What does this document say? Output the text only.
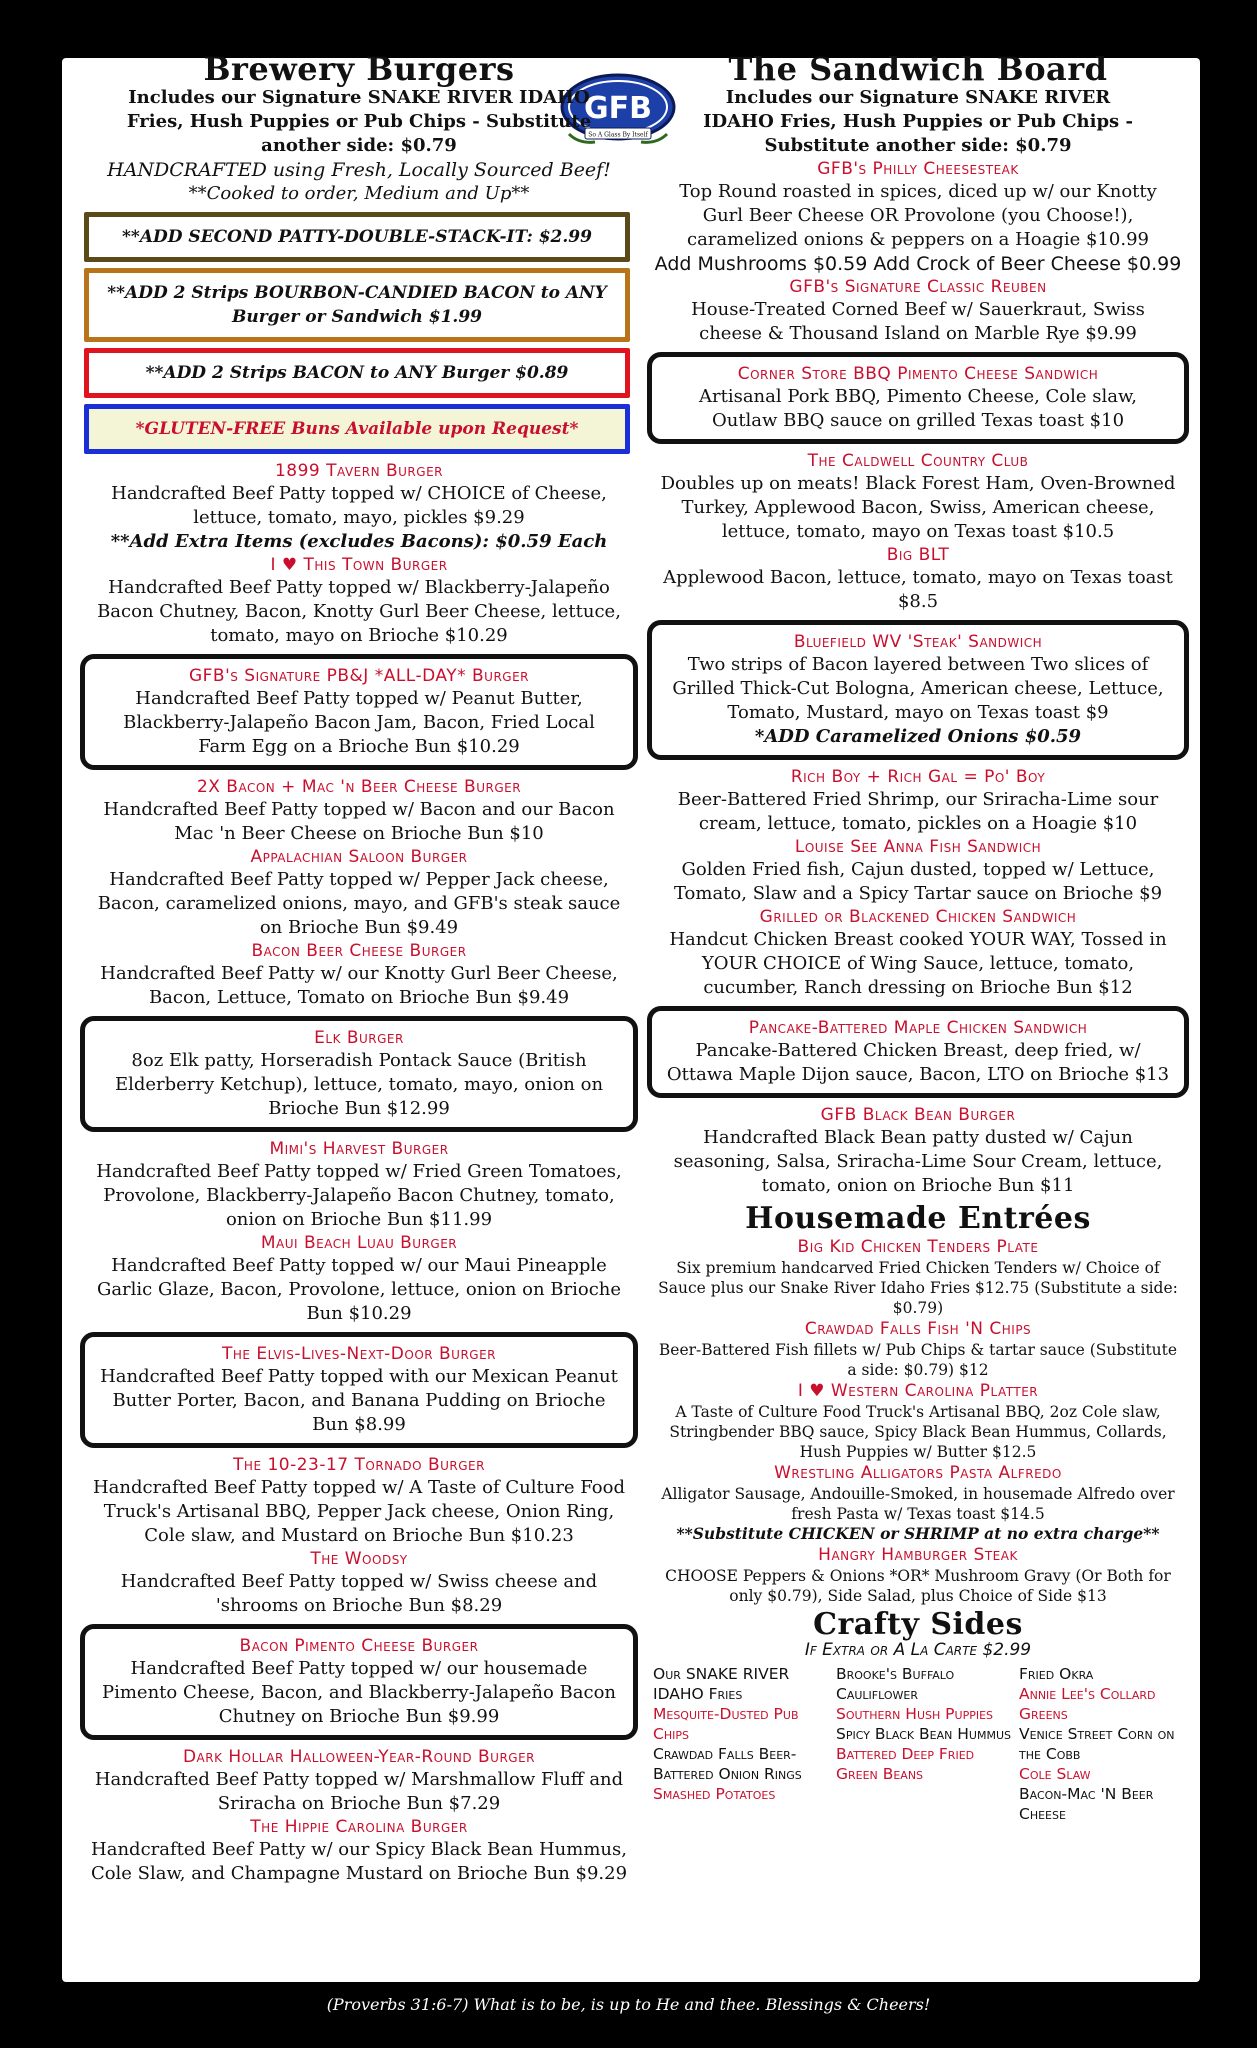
GFB
So A Glass By Itself
Brewery Burgers
Includes our Signature SNAKE RIVER IDAHO Fries, Hush Puppies or Pub Chips - Substitute another side: $0.79
HANDCRAFTED using Fresh, Locally Sourced Beef!
**Cooked to order, Medium and Up**
**ADD SECOND PATTY-DOUBLE-STACK-IT: $2.99
**ADD 2 Strips BOURBON-CANDIED BACON to ANY Burger or Sandwich $1.99
**ADD 2 Strips BACON to ANY Burger $0.89
*GLUTEN-FREE Buns Available upon Request*
1899 Tavern Burger
Handcrafted Beef Patty topped w/ CHOICE of Cheese, lettuce, tomato, mayo, pickles $9.29
**Add Extra Items (excludes Bacons): $0.59 Each
I ♥ This Town Burger
Handcrafted Beef Patty topped w/ Blackberry-Jalapeño Bacon Chutney, Bacon, Knotty Gurl Beer Cheese, lettuce, tomato, mayo on Brioche $10.29
GFB's Signature PB&J *ALL-DAY* Burger
Handcrafted Beef Patty topped w/ Peanut Butter, Blackberry-Jalapeño Bacon Jam, Bacon, Fried Local Farm Egg on a Brioche Bun $10.29
2X Bacon + Mac 'n Beer Cheese Burger
Handcrafted Beef Patty topped w/ Bacon and our Bacon Mac 'n Beer Cheese on Brioche Bun $10
Appalachian Saloon Burger
Handcrafted Beef Patty topped w/ Pepper Jack cheese, Bacon, caramelized onions, mayo, and GFB's steak sauce on Brioche Bun $9.49
Bacon Beer Cheese Burger
Handcrafted Beef Patty w/ our Knotty Gurl Beer Cheese, Bacon, Lettuce, Tomato on Brioche Bun $9.49
Elk Burger
8oz Elk patty, Horseradish Pontack Sauce (British Elderberry Ketchup), lettuce, tomato, mayo, onion on Brioche Bun $12.99
Mimi's Harvest Burger
Handcrafted Beef Patty topped w/ Fried Green Tomatoes, Provolone, Blackberry-Jalapeño Bacon Chutney, tomato, onion on Brioche Bun $11.99
Maui Beach Luau Burger
Handcrafted Beef Patty topped w/ our Maui Pineapple Garlic Glaze, Bacon, Provolone, lettuce, onion on Brioche Bun $10.29
The Elvis-Lives-Next-Door Burger
Handcrafted Beef Patty topped with our Mexican Peanut Butter Porter, Bacon, and Banana Pudding on Brioche Bun $8.99
The 10-23-17 Tornado Burger
Handcrafted Beef Patty topped w/ A Taste of Culture Food Truck's Artisanal BBQ, Pepper Jack cheese, Onion Ring, Cole slaw, and Mustard on Brioche Bun $10.23
The Woodsy
Handcrafted Beef Patty topped w/ Swiss cheese and 'shrooms on Brioche Bun $8.29
Bacon Pimento Cheese Burger
Handcrafted Beef Patty topped w/ our housemade Pimento Cheese, Bacon, and Blackberry-Jalapeño Bacon Chutney on Brioche Bun $9.99
Dark Hollar Halloween-Year-Round Burger
Handcrafted Beef Patty topped w/ Marshmallow Fluff and Sriracha on Brioche Bun $7.29
The Hippie Carolina Burger
Handcrafted Beef Patty w/ our Spicy Black Bean Hummus, Cole Slaw, and Champagne Mustard on Brioche Bun $9.29
The Sandwich Board
Includes our Signature SNAKE RIVER IDAHO Fries, Hush Puppies or Pub Chips - Substitute another side: $0.79
GFB's Philly Cheesesteak
Top Round roasted in spices, diced up w/ our Knotty Gurl Beer Cheese OR Provolone (you Choose!), caramelized onions & peppers on a Hoagie $10.99
Add Mushrooms $0.59 Add Crock of Beer Cheese $0.99
GFB's Signature Classic Reuben
House-Treated Corned Beef w/ Sauerkraut, Swiss cheese & Thousand Island on Marble Rye $9.99
Corner Store BBQ Pimento Cheese Sandwich
Artisanal Pork BBQ, Pimento Cheese, Cole slaw, Outlaw BBQ sauce on grilled Texas toast $10
The Caldwell Country Club
Doubles up on meats! Black Forest Ham, Oven-Browned Turkey, Applewood Bacon, Swiss, American cheese, lettuce, tomato, mayo on Texas toast $10.5
Big BLT
Applewood Bacon, lettuce, tomato, mayo on Texas toast $8.5
Bluefield WV 'Steak' Sandwich
Two strips of Bacon layered between Two slices of Grilled Thick-Cut Bologna, American cheese, Lettuce, Tomato, Mustard, mayo on Texas toast $9
*ADD Caramelized Onions $0.59
Rich Boy + Rich Gal = Po' Boy
Beer-Battered Fried Shrimp, our Sriracha-Lime sour cream, lettuce, tomato, pickles on a Hoagie $10
Louise See Anna Fish Sandwich
Golden Fried fish, Cajun dusted, topped w/ Lettuce, Tomato, Slaw and a Spicy Tartar sauce on Brioche $9
Grilled or Blackened Chicken Sandwich
Handcut Chicken Breast cooked YOUR WAY, Tossed in YOUR CHOICE of Wing Sauce, lettuce, tomato, cucumber, Ranch dressing on Brioche Bun $12
Pancake-Battered Maple Chicken Sandwich
Pancake-Battered Chicken Breast, deep fried, w/ Ottawa Maple Dijon sauce, Bacon, LTO on Brioche $13
GFB Black Bean Burger
Handcrafted Black Bean patty dusted w/ Cajun seasoning, Salsa, Sriracha-Lime Sour Cream, lettuce, tomato, onion on Brioche Bun $11
Housemade Entrées
Big Kid Chicken Tenders Plate
Six premium handcarved Fried Chicken Tenders w/ Choice of Sauce plus our Snake River Idaho Fries $12.75 (Substitute a side: $0.79)
Crawdad Falls Fish 'N Chips
Beer-Battered Fish fillets w/ Pub Chips & tartar sauce (Substitute a side: $0.79) $12
I ♥ Western Carolina Platter
A Taste of Culture Food Truck's Artisanal BBQ, 2oz Cole slaw, Stringbender BBQ sauce, Spicy Black Bean Hummus, Collards, Hush Puppies w/ Butter $12.5
Wrestling Alligators Pasta Alfredo
Alligator Sausage, Andouille-Smoked, in housemade Alfredo over fresh Pasta w/ Texas toast $14.5
**Substitute CHICKEN or SHRIMP at no extra charge**
Hangry Hamburger Steak
CHOOSE Peppers & Onions *OR* Mushroom Gravy (Or Both for only $0.79), Side Salad, plus Choice of Side $13
Crafty Sides
If Extra or A La Carte $2.99
Our SNAKE RIVER IDAHO Fries
Mesquite-Dusted Pub Chips
Crawdad Falls Beer-Battered Onion Rings
Smashed Potatoes
Brooke's Buffalo Cauliflower
Southern Hush Puppies
Spicy Black Bean Hummus
Battered Deep Fried Green Beans
Fried Okra
Annie Lee's Collard Greens
Venice Street Corn on the Cobb
Cole Slaw
Bacon-Mac 'N Beer Cheese
(Proverbs 31:6-7) What is to be, is up to He and thee. Blessings & Cheers!
